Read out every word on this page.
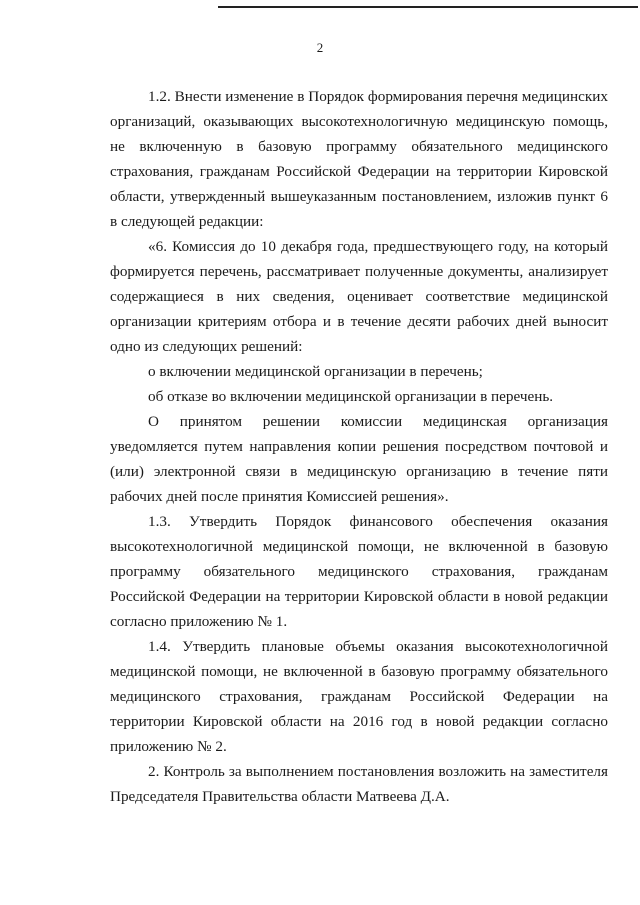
2

1.2. Внести изменение в Порядок формирования перечня медицинских организаций, оказывающих высокотехнологичную медицинскую помощь, не включенную в базовую программу обязательного медицинского страхования, гражданам Российской Федерации на территории Кировской области, утвержденный вышеуказанным постановлением, изложив пункт 6 в следующей редакции:

«6. Комиссия до 10 декабря года, предшествующего году, на который формируется перечень, рассматривает полученные документы, анализирует содержащиеся в них сведения, оценивает соответствие медицинской организации критериям отбора и в течение десяти рабочих дней выносит одно из следующих решений:

о включении медицинской организации в перечень;

об отказе во включении медицинской организации в перечень.

О принятом решении комиссии медицинская организация уведомляется путем направления копии решения посредством почтовой и (или) электронной связи в медицинскую организацию в течение пяти рабочих дней после принятия Комиссией решения».

1.3. Утвердить Порядок финансового обеспечения оказания высокотехнологичной медицинской помощи, не включенной в базовую программу обязательного медицинского страхования, гражданам Российской Федерации на территории Кировской области в новой редакции согласно приложению № 1.

1.4. Утвердить плановые объемы оказания высокотехнологичной медицинской помощи, не включенной в базовую программу обязательного медицинского страхования, гражданам Российской Федерации на территории Кировской области на 2016 год в новой редакции согласно приложению № 2.

2. Контроль за выполнением постановления возложить на заместителя Председателя Правительства области Матвеева Д.А.
